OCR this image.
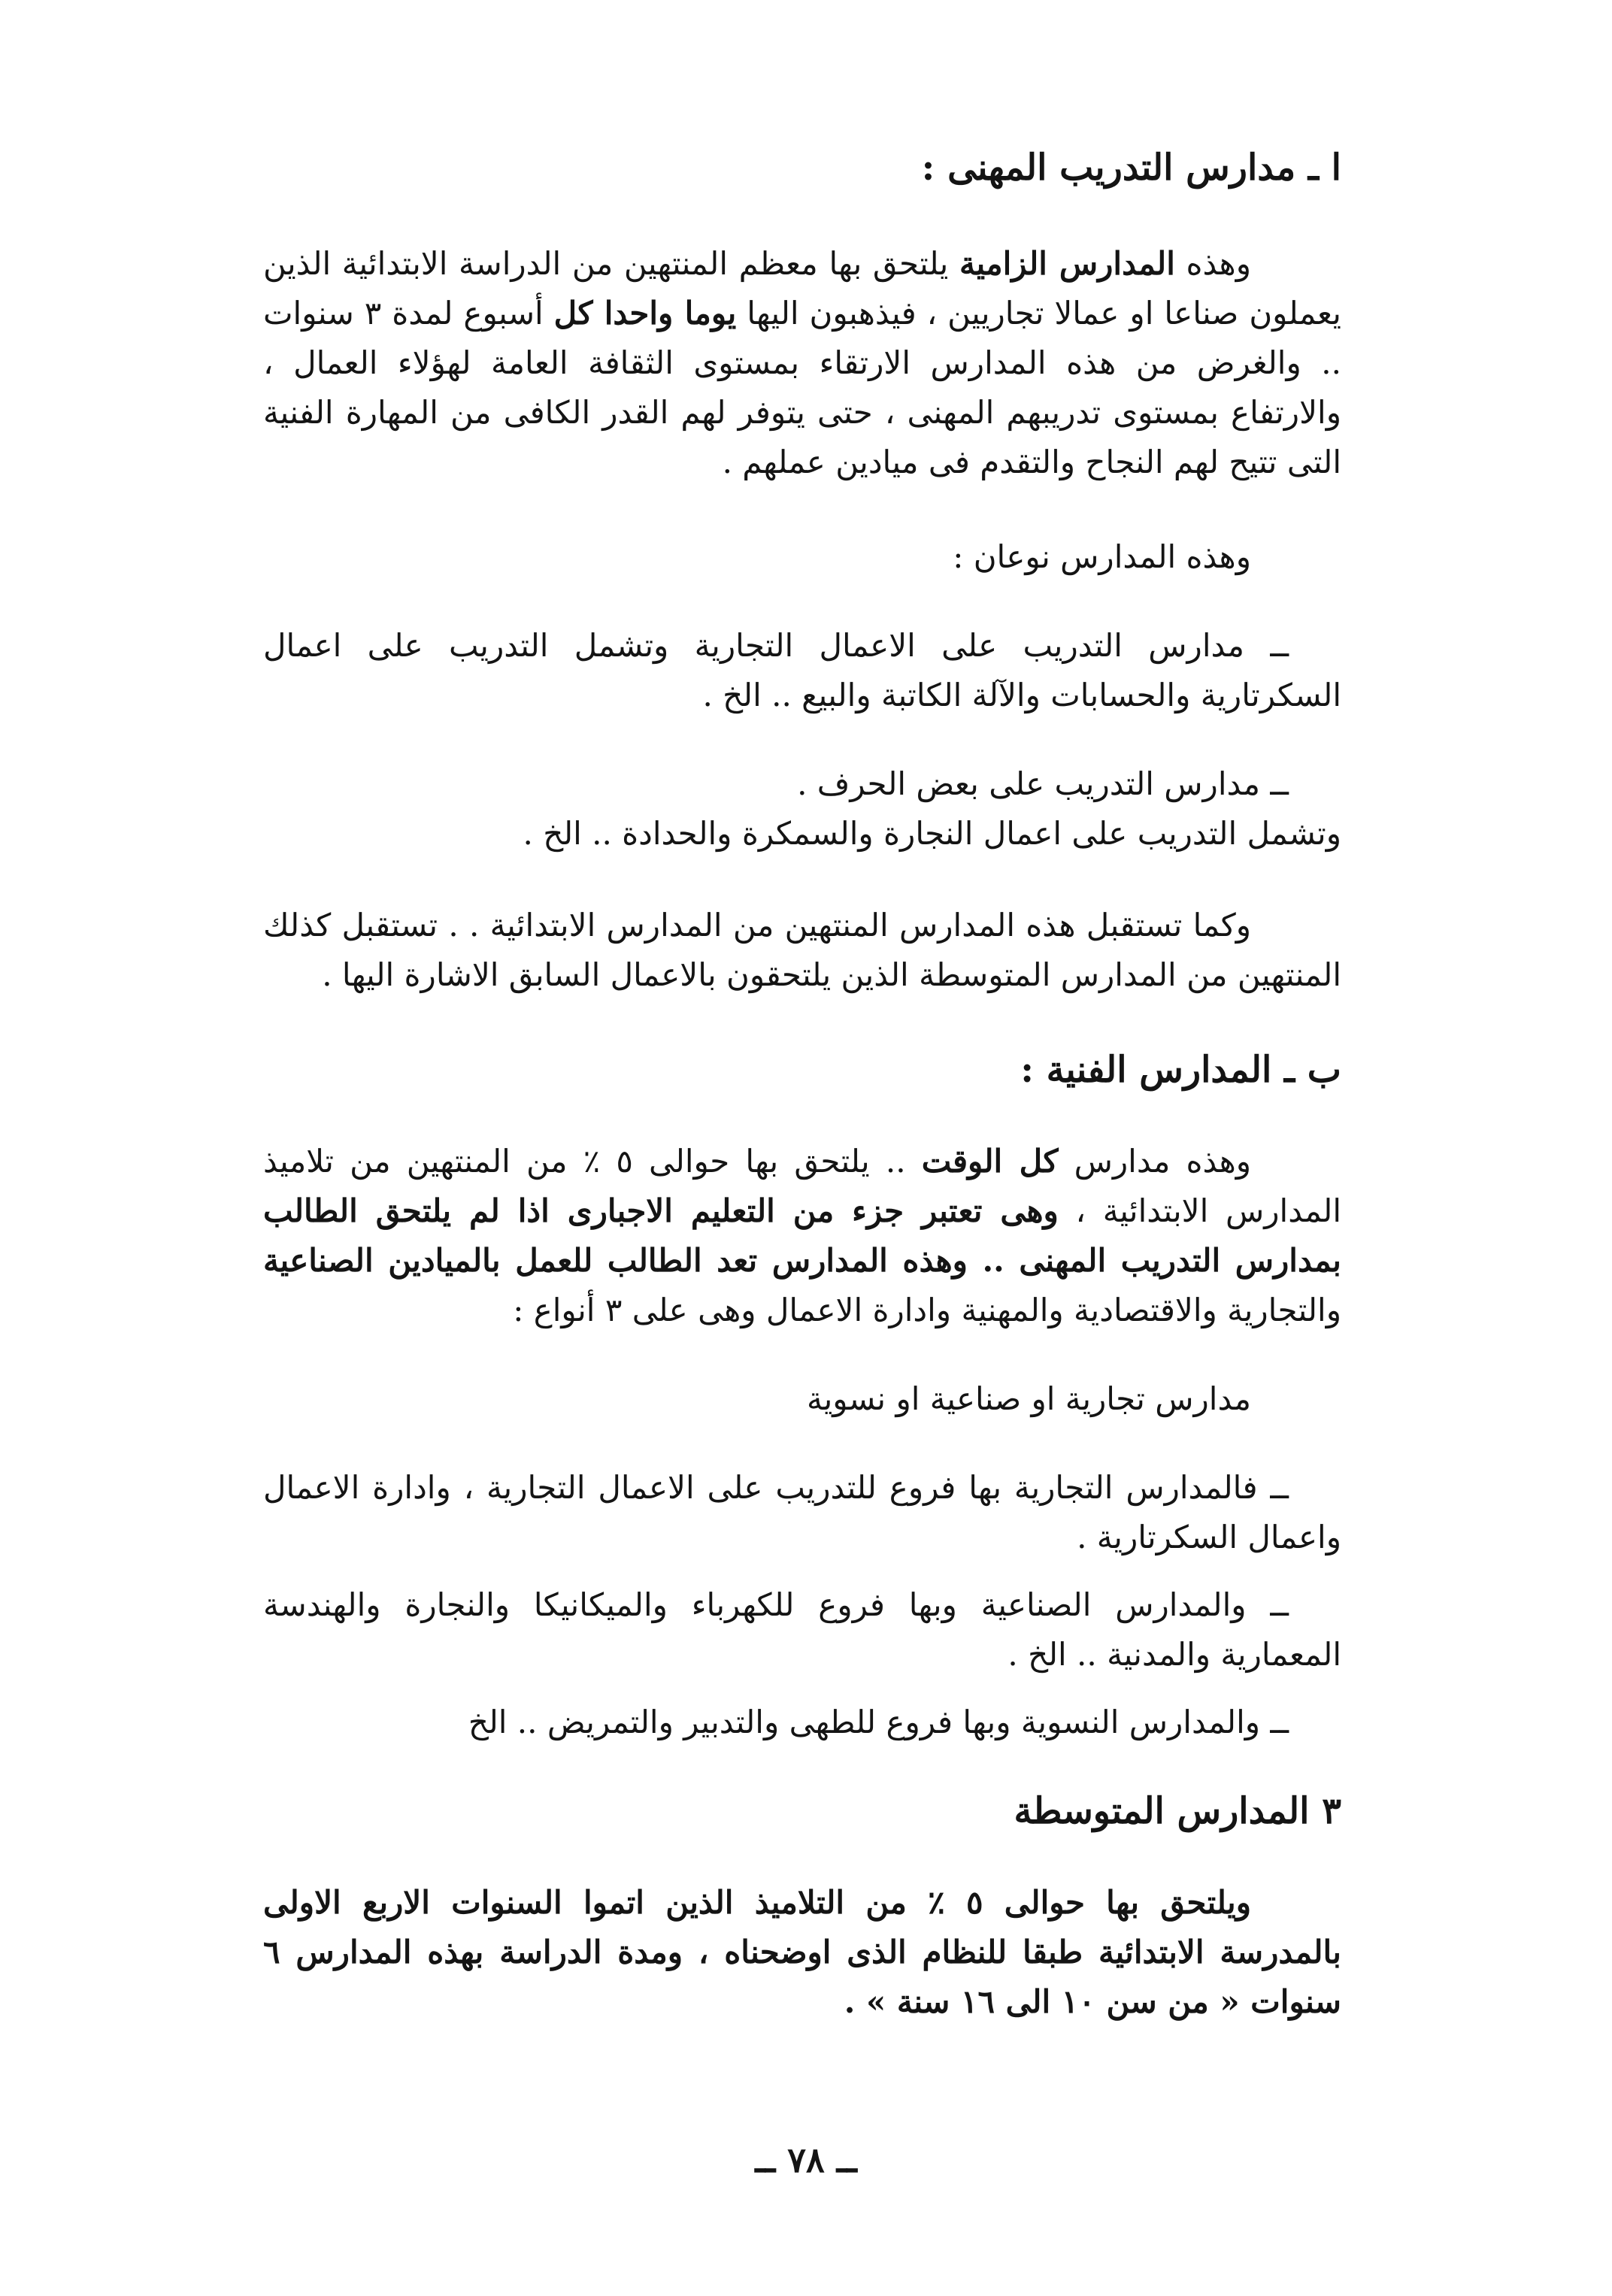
ا ـ مدارس التدريب المهنى :

وهذه المدارس الزامية يلتحق بها معظم المنتهين من الدراسة الابتدائية الذين يعملون صناعا او عمالا تجاريين ، فيذهبون اليها يوما واحدا كل أسبوع لمدة ٣ سنوات .. والغرض من هذه المدارس الارتقاء بمستوى الثقافة العامة لهؤلاء العمال ، والارتفاع بمستوى تدريبهم المهنى ، حتى يتوفر لهم القدر الكافى من المهارة الفنية التى تتيح لهم النجاح والتقدم فى ميادين عملهم .

وهذه المدارس نوعان :

ــ مدارس التدريب على الاعمال التجارية وتشمل التدريب على اعمال السكرتارية والحسابات والآلة الكاتبة والبيع .. الخ .

ــ مدارس التدريب على بعض الحرف .

وتشمل التدريب على اعمال النجارة والسمكرة والحدادة .. الخ .

وكما تستقبل هذه المدارس المنتهين من المدارس الابتدائية . . تستقبل كذلك المنتهين من المدارس المتوسطة الذين يلتحقون بالاعمال السابق الاشارة اليها .

ب ـ المدارس الفنية :

وهذه مدارس كل الوقت .. يلتحق بها حوالى ٥ ٪ من المنتهين من تلاميذ المدارس الابتدائية ، وهى تعتبر جزء من التعليم الاجبارى اذا لم يلتحق الطالب بمدارس التدريب المهنى .. وهذه المدارس تعد الطالب للعمل بالميادين الصناعية والتجارية والاقتصادية والمهنية وادارة الاعمال وهى على ٣ أنواع :

مدارس تجارية او صناعية او نسوية

ــ فالمدارس التجارية بها فروع للتدريب على الاعمال التجارية ، وادارة الاعمال واعمال السكرتارية .

ــ والمدارس الصناعية وبها فروع للكهرباء والميكانيكا والنجارة والهندسة المعمارية والمدنية .. الخ .

ــ والمدارس النسوية وبها فروع للطهى والتدبير والتمريض .. الخ

٣ المدارس المتوسطة

ويلتحق بها حوالى ٥ ٪ من التلاميذ الذين اتموا السنوات الاربع الاولى بالمدرسة الابتدائية طبقا للنظام الذى اوضحناه ، ومدة الدراسة بهذه المدارس ٦ سنوات « من سن ١٠ الى ١٦ سنة » .

ــ ٧٨ ــ
